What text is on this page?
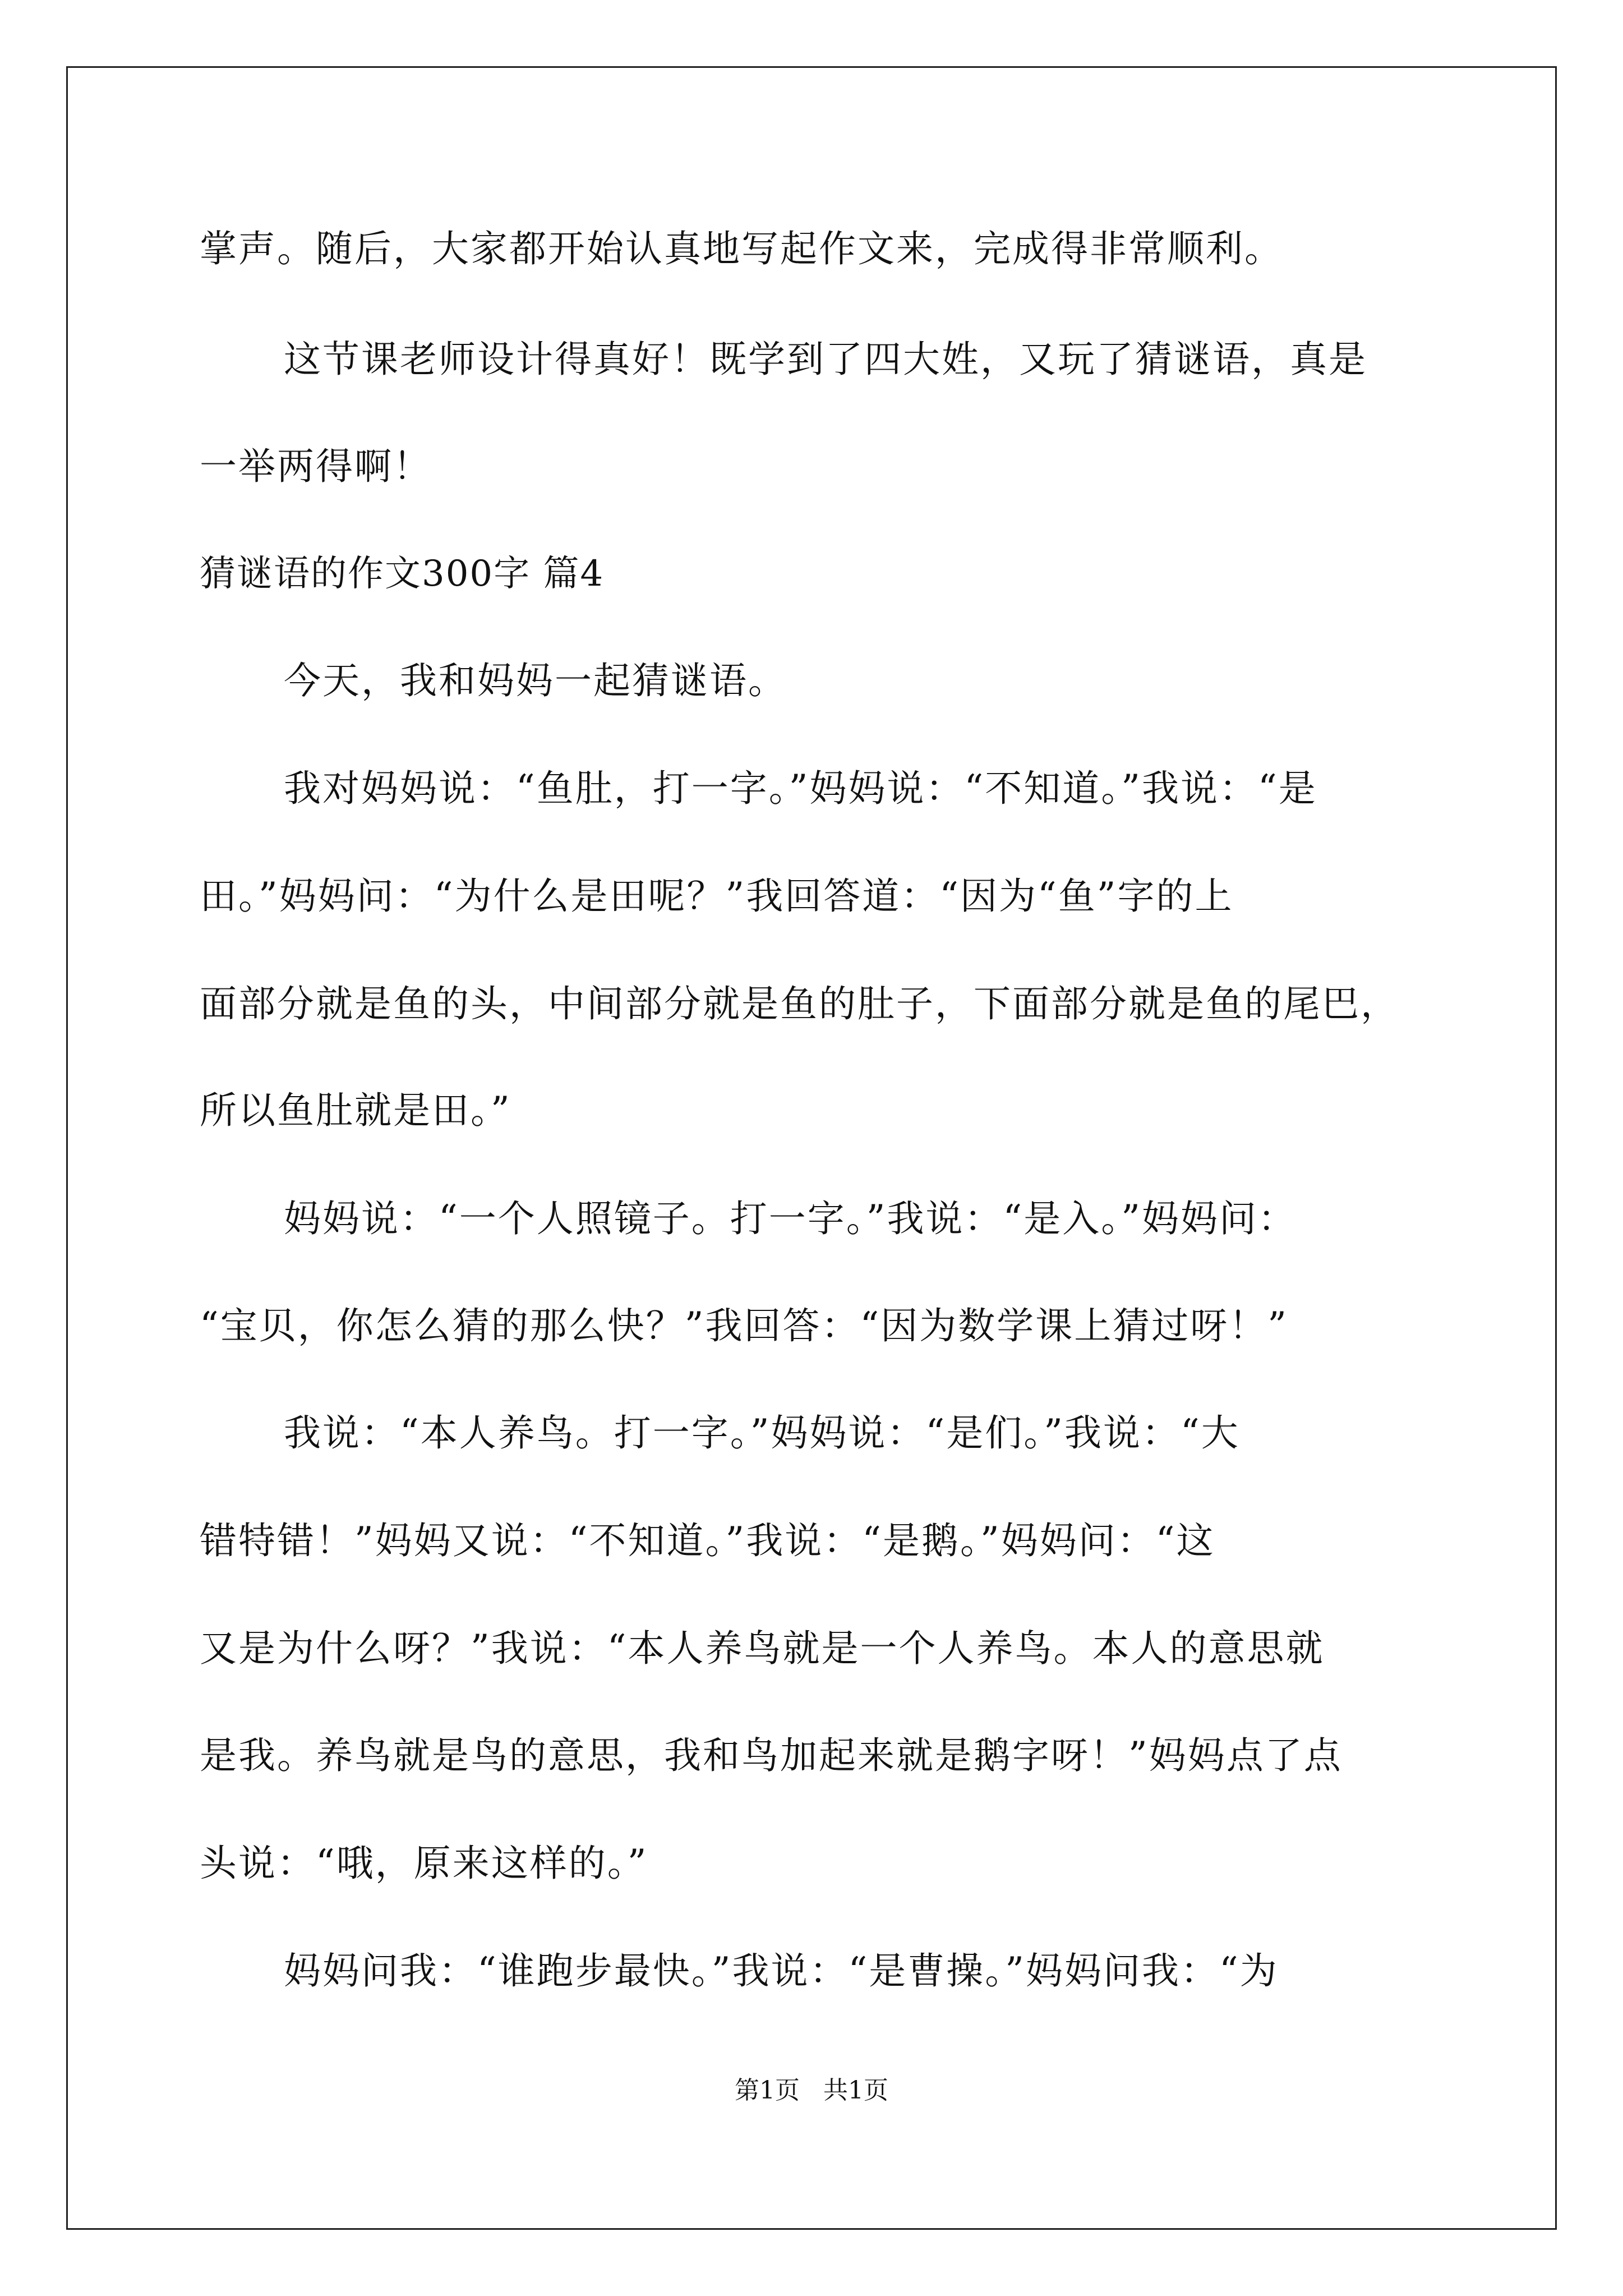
掌声。随后，大家都开始认真地写起作文来，完成得非常顺利。
这节课老师设计得真好！既学到了四大姓，又玩了猜谜语，真是
一举两得啊！
猜谜语的作文300字 篇4
今天，我和妈妈一起猜谜语。
我对妈妈说：“鱼肚，打一字。”妈妈说：“不知道。”我说：“是
田。”妈妈问：“为什么是田呢？”我回答道：“因为“鱼”字的上
面部分就是鱼的头，中间部分就是鱼的肚子，下面部分就是鱼的尾巴，
所以鱼肚就是田。”
妈妈说：“一个人照镜子。打一字。”我说：“是入。”妈妈问：
“宝贝，你怎么猜的那么快？”我回答：“因为数学课上猜过呀！”
我说：“本人养鸟。打一字。”妈妈说：“是们。”我说：“大
错特错！”妈妈又说：“不知道。”我说：“是鹅。”妈妈问：“这
又是为什么呀？”我说：“本人养鸟就是一个人养鸟。本人的意思就
是我。养鸟就是鸟的意思，我和鸟加起来就是鹅字呀！”妈妈点了点
头说：“哦，原来这样的。”
妈妈问我：“谁跑步最快。”我说：“是曹操。”妈妈问我：“为
第1页   共1页
